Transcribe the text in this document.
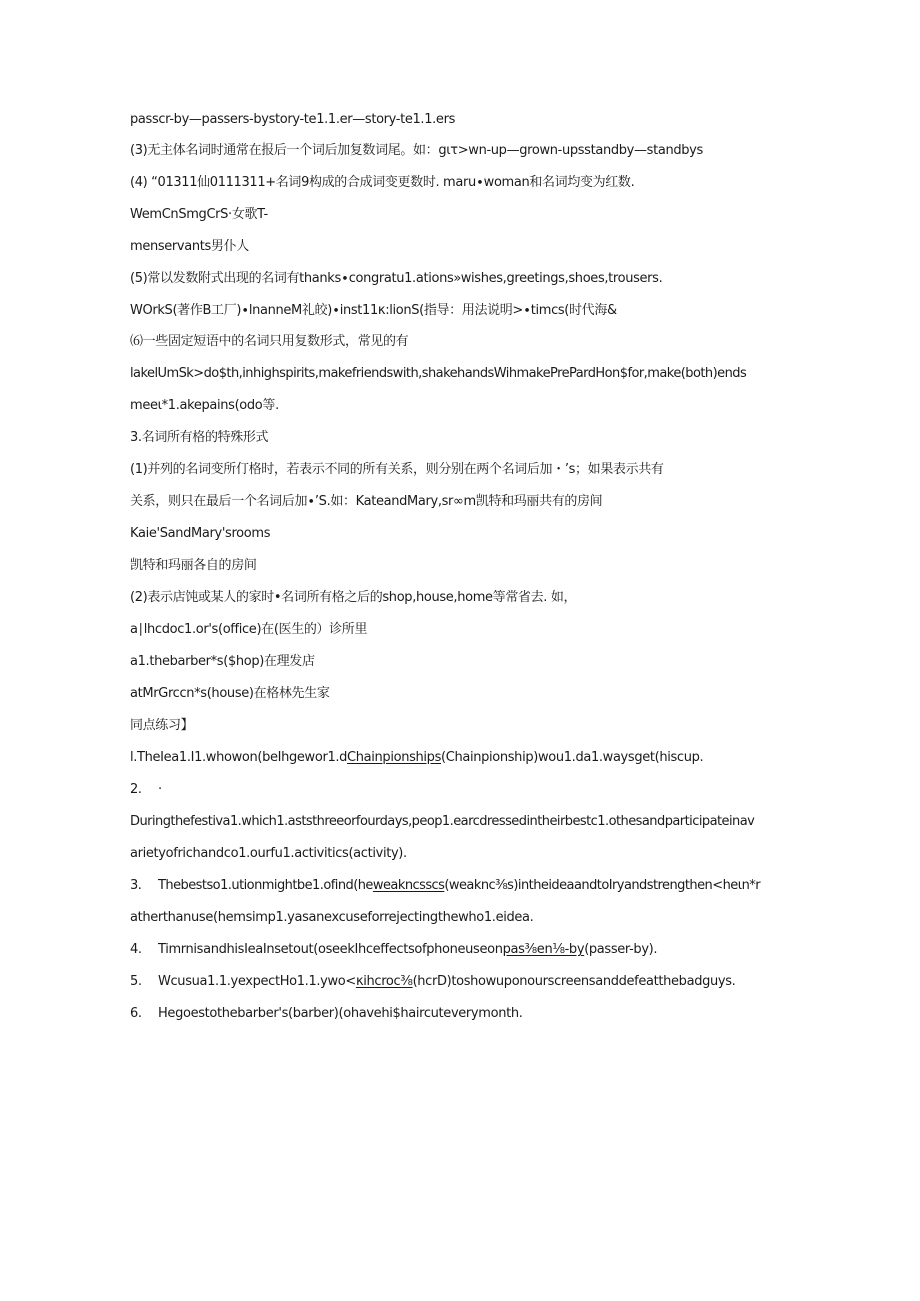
passcr-by—passers-bystory-te1.1.er—story-te1.1.ers
(3)无主体名词时通常在报后一个词后加复数词尾。如：gιτ>wn-up—grown-upsstandby—standbys
(4) “01311仙0111311+名词9构成的合成词变更数时. maru∙woman和名词均变为红数.
WemCnSmgCrS·女歌T-
menservants男仆人
(5)常以发数附式出现的名词有thanks∙congratu1.ations»wishes,greetings,shoes,trousers.
WOrkS(著作B工厂)∙lnanneM礼皎)∙inst11κ:lionS(指导：用法说明>∙timcs(时代海&
⑹一些固定短语中的名词只用复数形式，常见的有
lakelUmSk>do$th,inhighspirits,makefriendswith,shakehandsWihmakePrePardHon$for,make(both)ends
meeι*1.akepains(odo等.
3.名词所有格的特殊形式
(1)并列的名词变所仃格时，若表示不同的所有关系，则分别在两个名词后加・’s；如果表示共有
关系，则只在最后一个名词后加∙’S.如：KateandMary,sr∞m凯特和玛丽共有的房间
Kaie'SandMary'srooms
凯特和玛丽各自的房间
(2)表示店饨或某人的家时•名词所有格之后的shop,house,home等常省去. 如，
a∣lhcdoc1.or's(office)在(医生的）诊所里
a1.thebarber*s($hop)在理发店
atMrGrccn*s(house)在格林先生家
同点练习】
l.TheIea1.I1.whowon(beIhgewor1.dChainpionships(Chainpionship)wou1.da1.waysget(hiscup.
2. ·
Duringthefestiva1.which1.aststhreeorfourdays,peop1.earcdressedintheirbestc1.othesandparticipateinav
arietyofrichandco1.ourfu1.activitics(activity).
3. Thebestso1.utionmightbe1.ofind(heweakncsscs(weaknc⅜s)intheideaandtoIryandstrengthen<heιn*r
atherthanuse(hemsimp1.yasanexcuseforrejectingthewho1.eidea.
4. TimrnisandhisIeaInsetout(oseekIhceffectsofphoneuseonpas⅜en⅛-by(passer-by).
5. Wcusua1.1.yexpectHo1.1.ywo<κihcroc⅜(hcrD)toshowuponourscreensanddefeatthebadguys.
6. Hegoestothebarber's(barber)(ohavehi$haircuteverymonth.
